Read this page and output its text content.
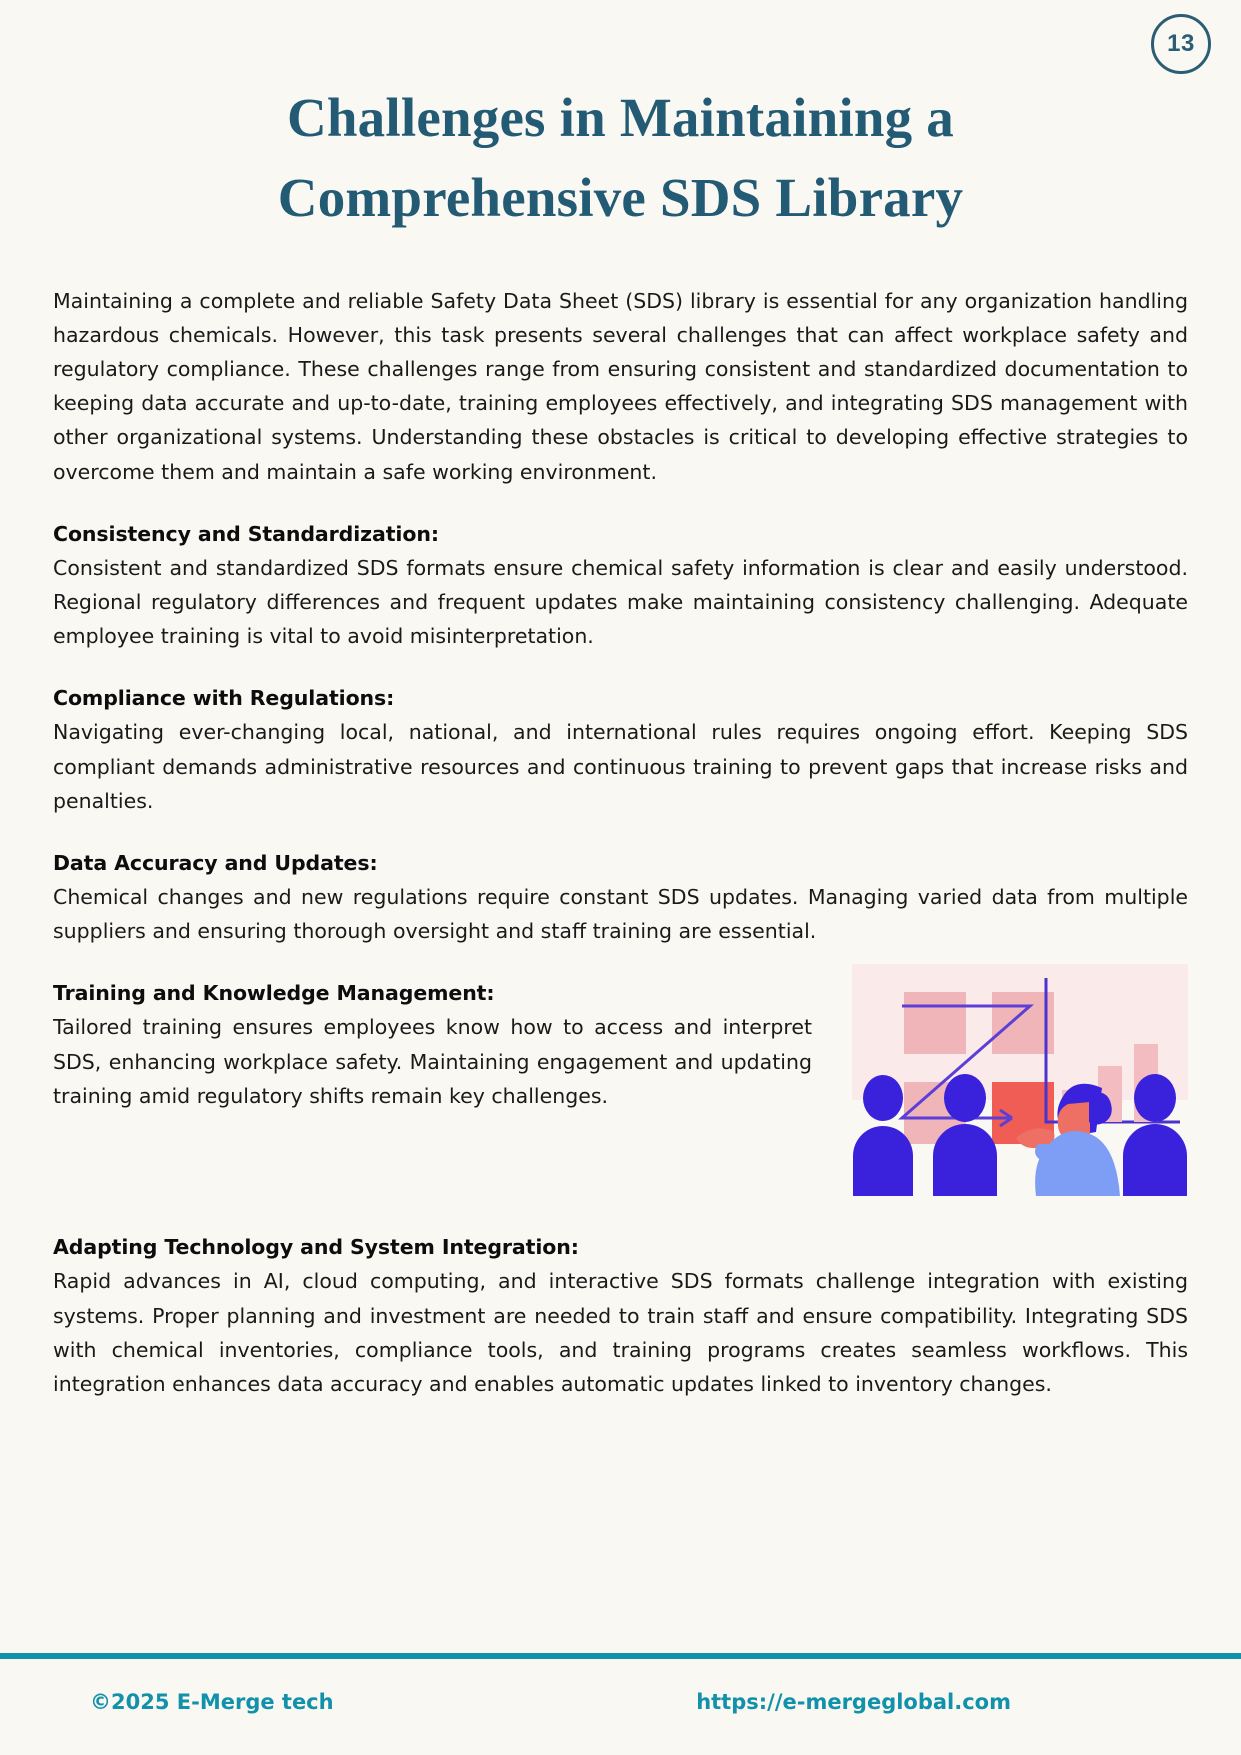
13
Challenges in Maintaining a Comprehensive SDS Library

Maintaining a complete and reliable Safety Data Sheet (SDS) library is essential for any organization handling hazardous chemicals. However, this task presents several challenges that can affect workplace safety and regulatory compliance. These challenges range from ensuring consistent and standardized documentation to keeping data accurate and up-to-date, training employees effectively, and integrating SDS management with other organizational systems. Understanding these obstacles is critical to developing effective strategies to overcome them and maintain a safe working environment.

Consistency and Standardization:

Consistent and standardized SDS formats ensure chemical safety information is clear and easily understood. Regional regulatory differences and frequent updates make maintaining consistency challenging. Adequate employee training is vital to avoid misinterpretation.

Compliance with Regulations:

Navigating ever-changing local, national, and international rules requires ongoing effort. Keeping SDS compliant demands administrative resources and continuous training to prevent gaps that increase risks and penalties.

Data Accuracy and Updates:

Chemical changes and new regulations require constant SDS updates. Managing varied data from multiple suppliers and ensuring thorough oversight and staff training are essential.

Training and Knowledge Management:

Tailored training ensures employees know how to access and interpret SDS, enhancing workplace safety. Maintaining engagement and updating training amid regulatory shifts remain key challenges.

Adapting Technology and System Integration:

Rapid advances in AI, cloud computing, and interactive SDS formats challenge integration with existing systems. Proper planning and investment are needed to train staff and ensure compatibility. Integrating SDS with chemical inventories, compliance tools, and training programs creates seamless workflows. This integration enhances data accuracy and enables automatic updates linked to inventory changes.

©2025 E-Merge tech	https://e-mergeglobal.com
